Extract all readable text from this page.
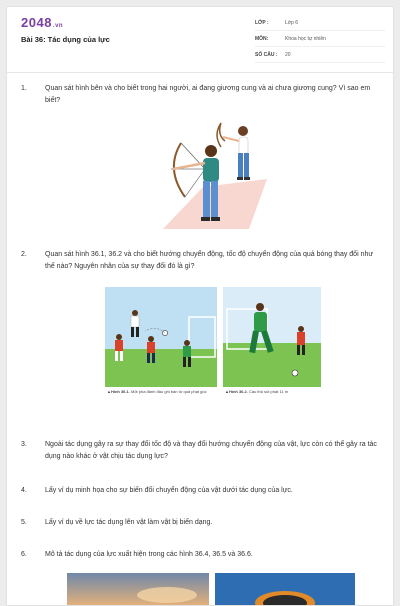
2048.vn
Bài 36: Tác dụng của lực
LỚP :	Lớp 6
MÔN:	Khoa học tự nhiên
SỐ CÂU :	20
1.	Quan sát hình bên và cho biết trong hai người, ai đang giương cung và ai chưa giương cung? Vì sao em biết?
2.	Quan sát hình 36.1, 36.2 và cho biết hướng chuyển động, tốc độ chuyển động của quả bóng thay đổi như thế nào? Nguyên nhân của sự thay đổi đó là gì?
▲Hình 36.1. Một pha đánh đầu ghi bàn từ quả phạt góc	▲Hình 36.2. Cầu thủ sút phạt 11 m
3.	Ngoài tác dụng gây ra sự thay đổi tốc độ và thay đổi hướng chuyển động của vật, lực còn có thể gây ra tác dụng nào khác ở vật chịu tác dụng lực?
4.	Lấy ví dụ minh họa cho sự biến đổi chuyển động của vật dưới tác dụng của lực.
5.	Lấy ví dụ về lực tác dụng lên vật làm vật bị biến dạng.
6.	Mô tả tác dụng của lực xuất hiện trong các hình 36.4, 36.5 và 36.6.
